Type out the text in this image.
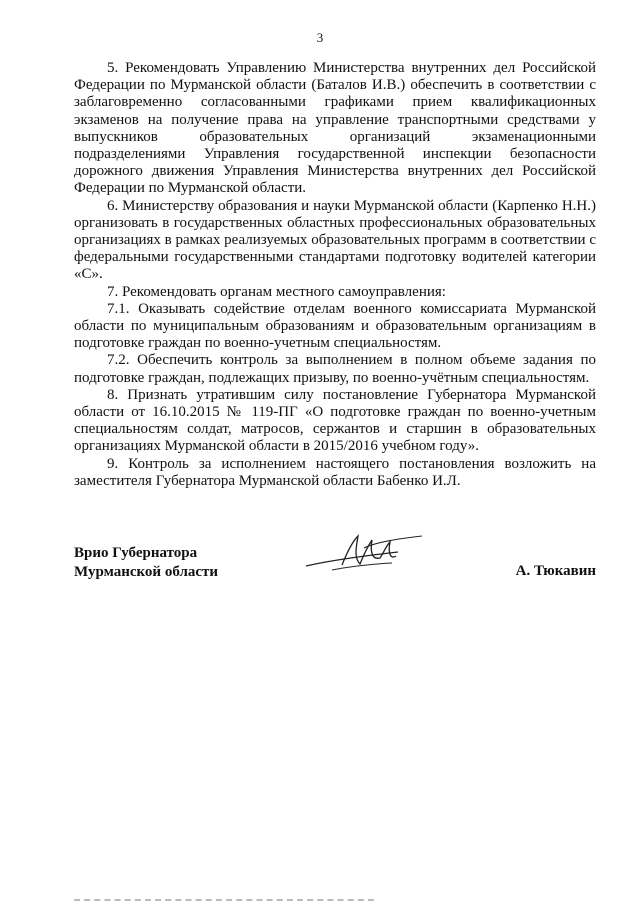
3

5. Рекомендовать Управлению Министерства внутренних дел Российской Федерации по Мурманской области (Баталов И.В.) обеспечить в соответствии с заблаговременно согласованными графиками прием квалификационных экзаменов на получение права на управление транспортными средствами у выпускников образовательных организаций экзаменационными подразделениями Управления государственной инспекции безопасности дорожного движения Управления Министерства внутренних дел Российской Федерации по Мурманской области.

6. Министерству образования и науки Мурманской области (Карпенко Н.Н.) организовать в государственных областных профессиональных образовательных организациях в рамках реализуемых образовательных программ в соответствии с федеральными государственными стандартами подготовку водителей категории «С».

7. Рекомендовать органам местного самоуправления:

7.1. Оказывать содействие отделам военного комиссариата Мурманской области по муниципальным образованиям и образовательным организациям в подготовке граждан по военно-учетным специальностям.

7.2. Обеспечить контроль за выполнением в полном объеме задания по подготовке граждан, подлежащих призыву, по военно-учётным специальностям.

8. Признать утратившим силу постановление Губернатора Мурманской области от 16.10.2015 № 119-ПГ «О подготовке граждан по военно-учетным специальностям солдат, матросов, сержантов и старшин в образовательных организациях Мурманской области в 2015/2016 учебном году».

9. Контроль за исполнением настоящего постановления возложить на заместителя Губернатора Мурманской области Бабенко И.Л.

Врио Губернатора
Мурманской области	А. Тюкавин
